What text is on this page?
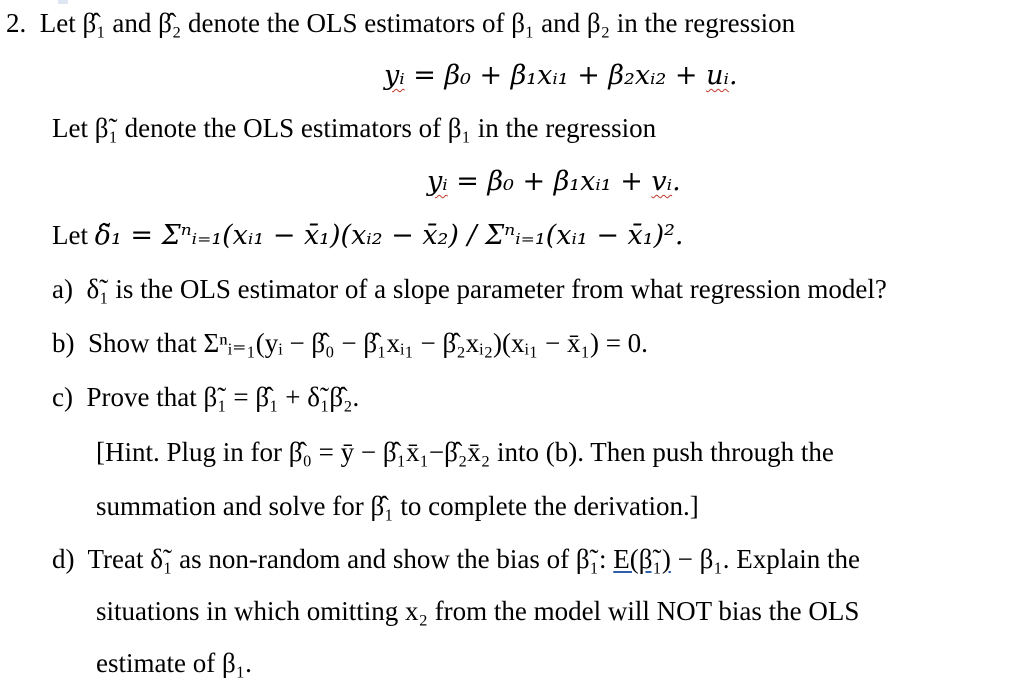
2. Let β̂₁ and β̂₂ denote the OLS estimators of β₁ and β₂ in the regression
yᵢ = β₀ + β₁xᵢ₁ + β₂xᵢ₂ + uᵢ.
Let β̃₁ denote the OLS estimators of β₁ in the regression
yᵢ = β₀ + β₁xᵢ₁ + vᵢ.
Let δ̃₁ = Σⁿᵢ₌₁(xᵢ₁ − x̄₁)(xᵢ₂ − x̄₂) / Σⁿᵢ₌₁(xᵢ₁ − x̄₁)².
a) δ̃₁ is the OLS estimator of a slope parameter from what regression model?
b) Show that Σⁿᵢ₌₁(yᵢ − β̂₀ − β̂₁xᵢ₁ − β̂₂xᵢ₂)(xᵢ₁ − x̄₁) = 0.
c) Prove that β̃₁ = β̂₁ + δ̃₁β̂₂.
[Hint. Plug in for β̂₀ = ȳ − β̂₁x̄₁−β̂₂x̄₂ into (b). Then push through the
summation and solve for β̂₁ to complete the derivation.]
d) Treat δ̃₁ as non-random and show the bias of β̃₁: E(β̃₁) − β₁. Explain the
situations in which omitting x₂ from the model will NOT bias the OLS
estimate of β₁.
